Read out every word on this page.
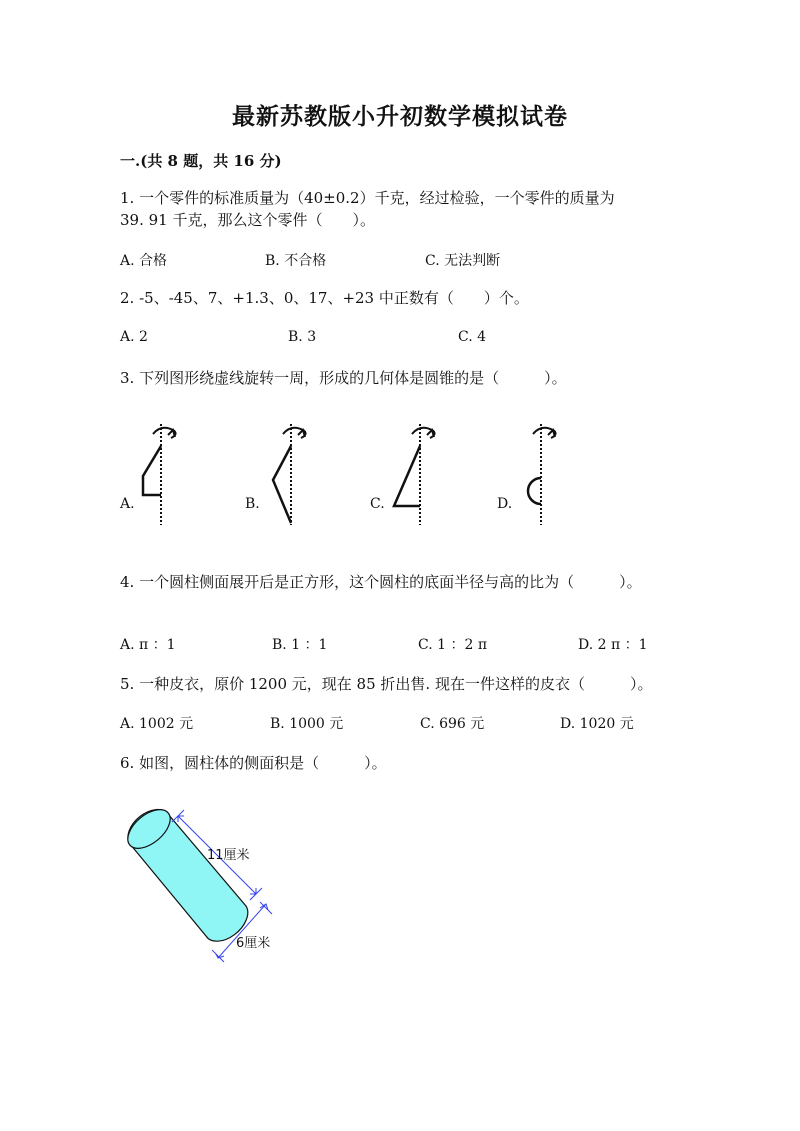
最新苏教版小升初数学模拟试卷
一.(共 8 题，共 16 分)
1. 一个零件的标准质量为（40±0.2）千克，经过检验，一个零件的质量为
39. 91 千克，那么这个零件（　　）。
A. 合格	B. 不合格	C. 无法判断
2. -5、-45、7、+1.3、0、17、+23 中正数有（　　）个。
A. 2	B. 3	C. 4
3. 下列图形绕虚线旋转一周，形成的几何体是圆锥的是（　　　）。
A.	B.	C.	D.
4. 一个圆柱侧面展开后是正方形，这个圆柱的底面半径与高的比为（　　　）。
A. π ：1	B. 1 ：1	C. 1 ：2 π	D. 2 π ：1
5. 一种皮衣，原价 1200 元，现在 85 折出售. 现在一件这样的皮衣（　　　）。
A. 1002 元	B. 1000 元	C. 696 元	D. 1020 元
6. 如图，圆柱体的侧面积是（　　　）。
11厘米
6厘米
